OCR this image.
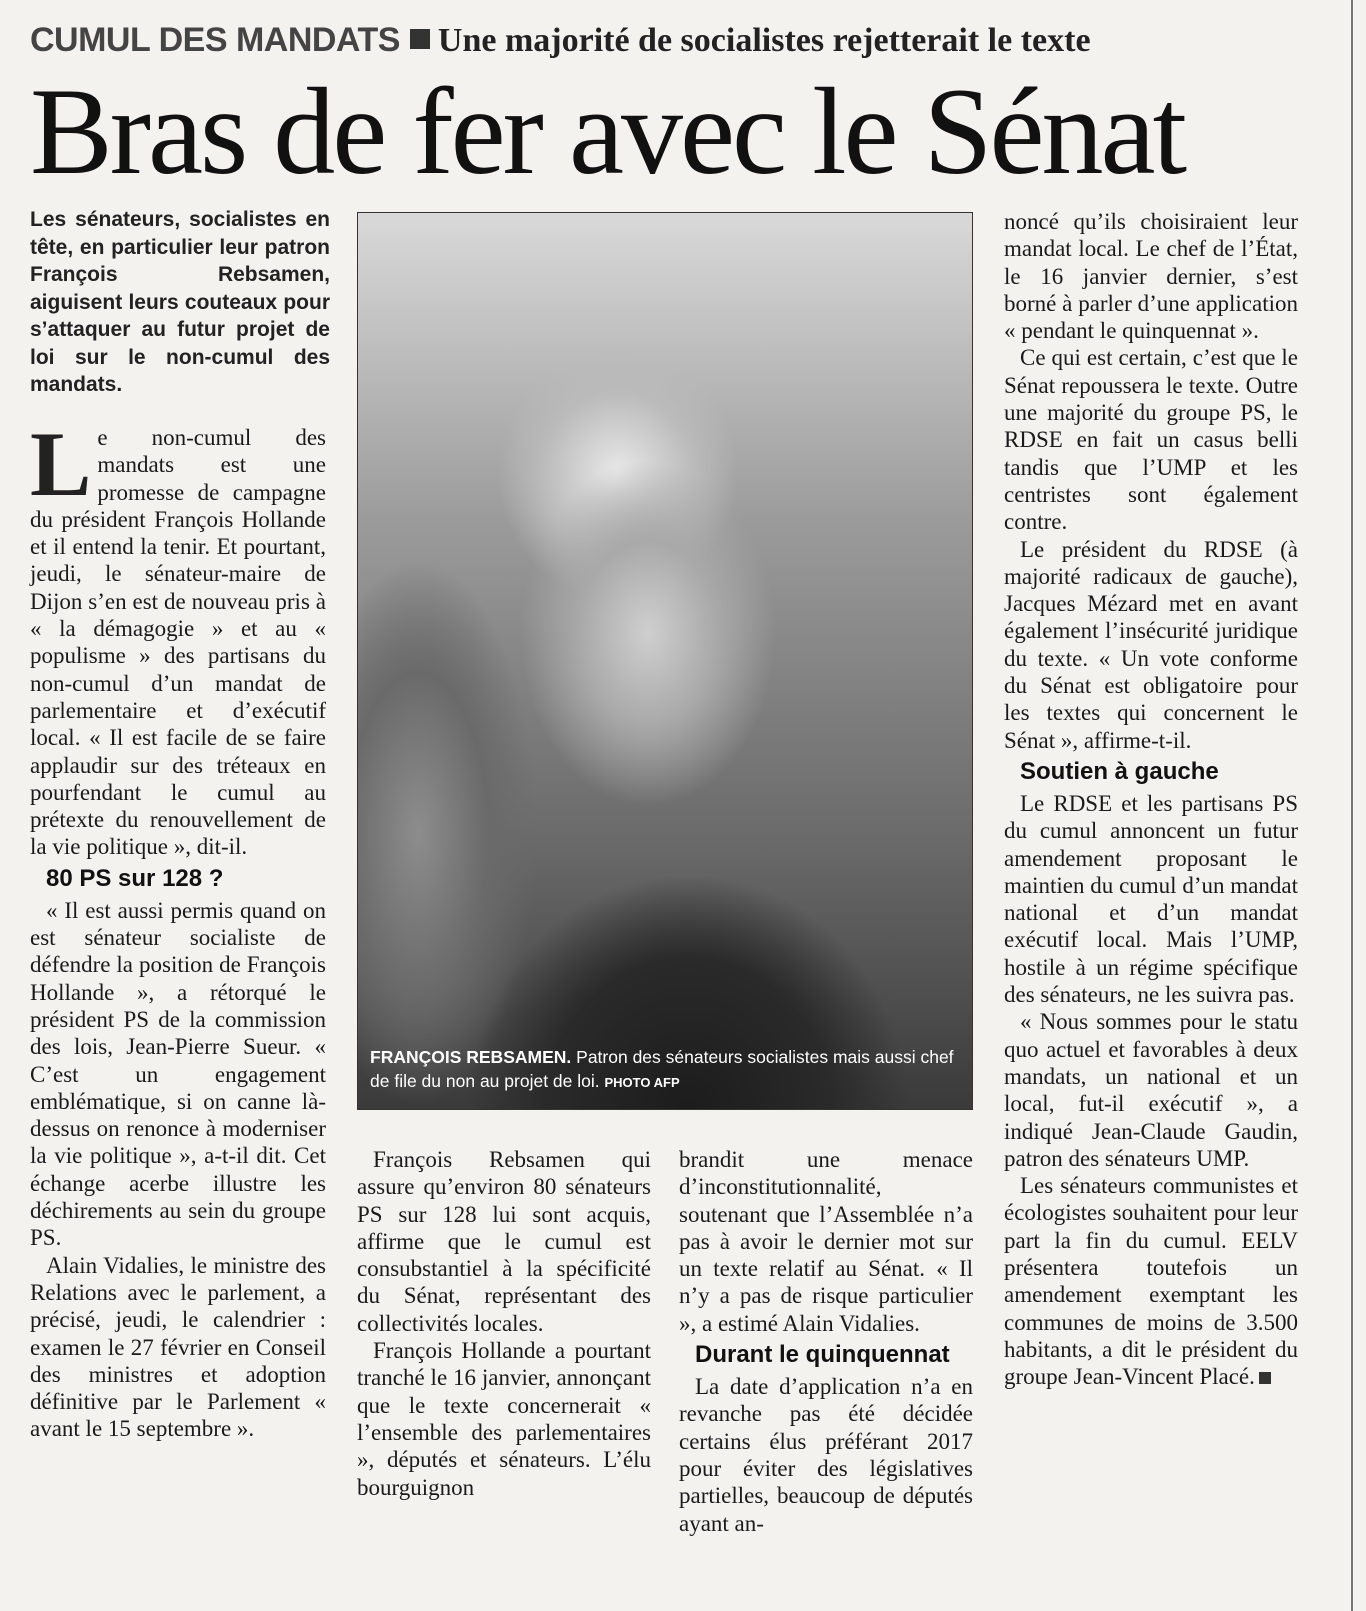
CUMUL DES MANDATS Une majorité de socialistes rejetterait le texte
Bras de fer avec le Sénat
Les sénateurs, socialistes en tête, en particulier leur patron François Rebsamen, aiguisent leurs couteaux pour s’attaquer au futur projet de loi sur le non-cumul des mandats.

Le non-cumul des mandats est une promesse de campagne du président François Hollande et il entend la tenir. Et pourtant, jeudi, le sénateur-maire de Dijon s’en est de nouveau pris à « la démagogie » et au « populisme » des partisans du non-cumul d’un mandat de parlementaire et d’exécutif local. « Il est facile de se faire applaudir sur des tréteaux en pourfendant le cumul au prétexte du renouvellement de la vie politique », dit-il.

80 PS sur 128 ?

« Il est aussi permis quand on est sénateur socialiste de défendre la position de François Hollande », a rétorqué le président PS de la commission des lois, Jean-Pierre Sueur. « C’est un engagement emblématique, si on canne là-dessus on renonce à moderniser la vie politique », a-t-il dit. Cet échange acerbe illustre les déchirements au sein du groupe PS.

Alain Vidalies, le ministre des Relations avec le parlement, a précisé, jeudi, le calendrier : examen le 27 février en Conseil des ministres et adoption définitive par le Parlement « avant le 15 septembre ».

FRANÇOIS REBSAMEN. Patron des sénateurs socialistes mais aussi chef de file du non au projet de loi. PHOTO AFP

François Rebsamen qui assure qu’environ 80 sénateurs PS sur 128 lui sont acquis, affirme que le cumul est consubstantiel à la spécificité du Sénat, représentant des collectivités locales.

François Hollande a pourtant tranché le 16 janvier, annonçant que le texte concernerait « l’ensemble des parlementaires », députés et sénateurs. L’élu bourguignon

brandit une menace d’inconstitutionnalité, soutenant que l’Assemblée n’a pas à avoir le dernier mot sur un texte relatif au Sénat. « Il n’y a pas de risque particulier », a estimé Alain Vidalies.

Durant le quinquennat

La date d’application n’a en revanche pas été décidée certains élus préférant 2017 pour éviter des législatives partielles, beaucoup de députés ayant an-

noncé qu’ils choisiraient leur mandat local. Le chef de l’État, le 16 janvier dernier, s’est borné à parler d’une application « pendant le quinquennat ».

Ce qui est certain, c’est que le Sénat repoussera le texte. Outre une majorité du groupe PS, le RDSE en fait un casus belli tandis que l’UMP et les centristes sont également contre.

Le président du RDSE (à majorité radicaux de gauche), Jacques Mézard met en avant également l’insécurité juridique du texte. « Un vote conforme du Sénat est obligatoire pour les textes qui concernent le Sénat », affirme-t-il.

Soutien à gauche

Le RDSE et les partisans PS du cumul annoncent un futur amendement proposant le maintien du cumul d’un mandat national et d’un mandat exécutif local. Mais l’UMP, hostile à un régime spécifique des sénateurs, ne les suivra pas.

« Nous sommes pour le statu quo actuel et favorables à deux mandats, un national et un local, fut-il exécutif », a indiqué Jean-Claude Gaudin, patron des sénateurs UMP.

Les sénateurs communistes et écologistes souhaitent pour leur part la fin du cumul. EELV présentera toutefois un amendement exemptant les communes de moins de 3.500 habitants, a dit le président du groupe Jean-Vincent Placé.
